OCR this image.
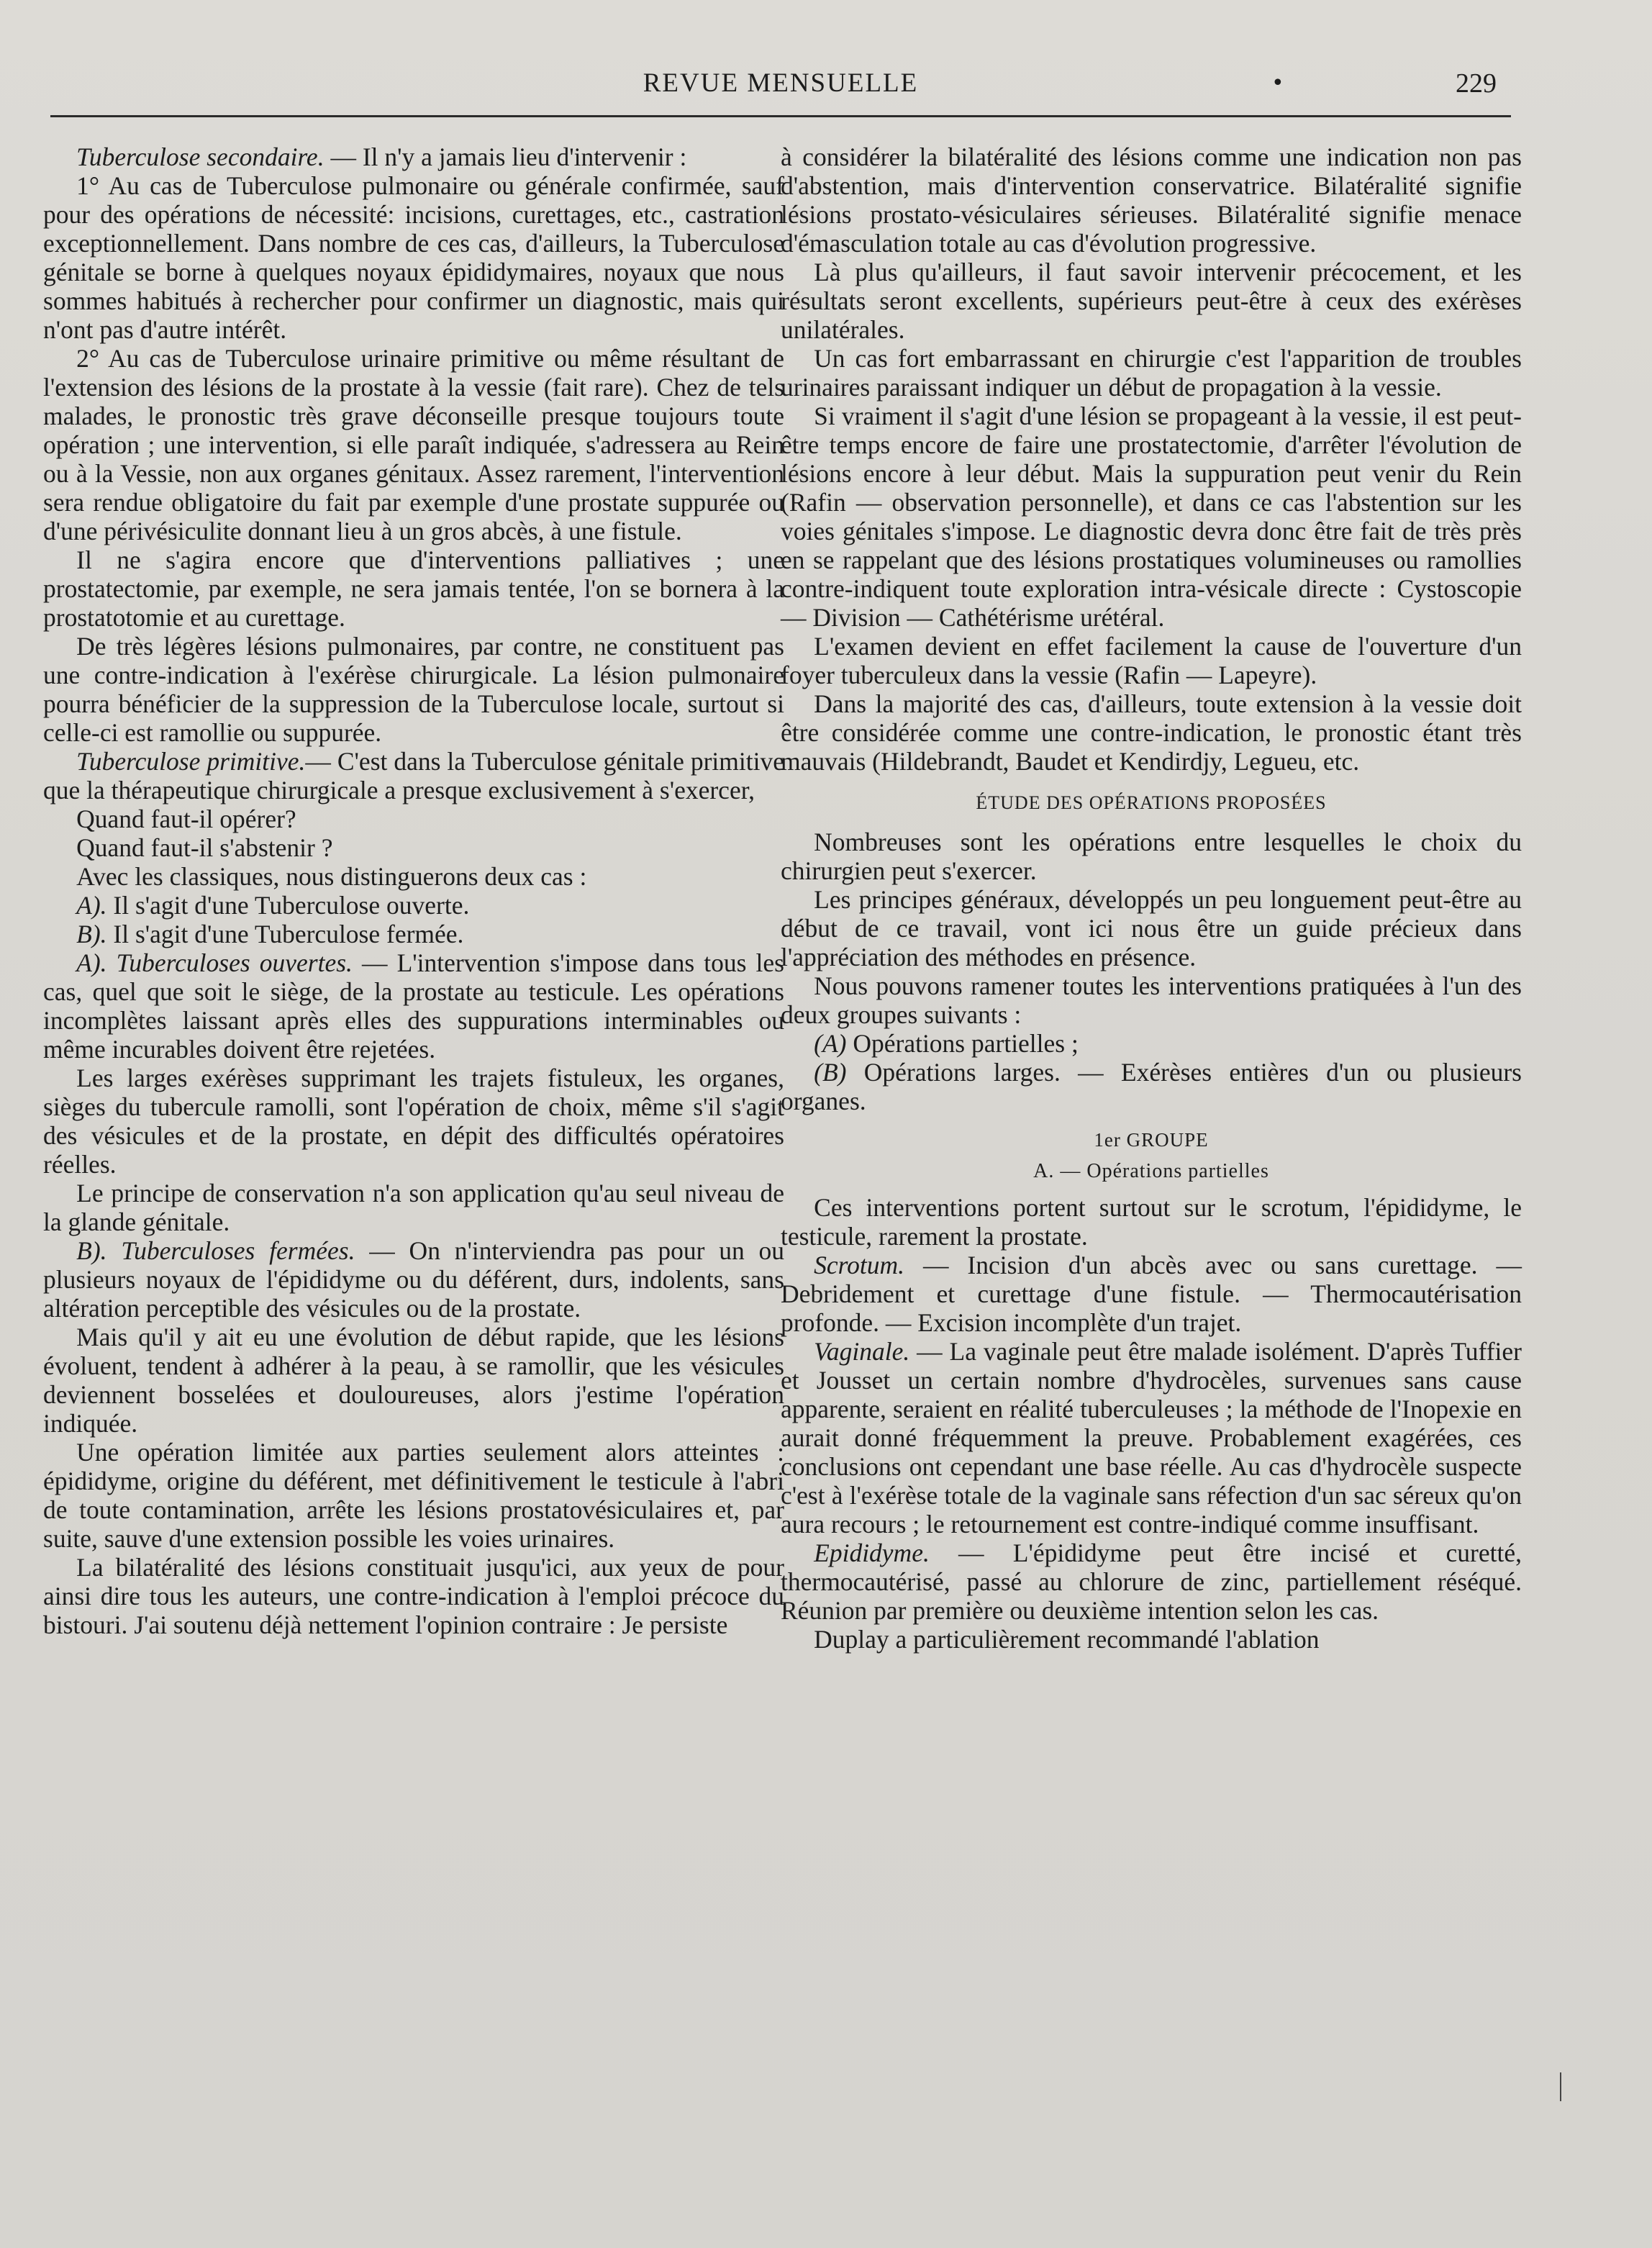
REVUE MENSUELLE	•	229

Tuberculose secondaire. — Il n'y a jamais lieu d'intervenir :

1° Au cas de Tuberculose pulmonaire ou générale confirmée, sauf pour des opérations de nécessité: incisions, curettages, etc., castration exceptionnellement. Dans nombre de ces cas, d'ailleurs, la Tuberculose génitale se borne à quelques noyaux épididymaires, noyaux que nous sommes habitués à rechercher pour confirmer un diagnostic, mais qui n'ont pas d'autre intérêt.

2° Au cas de Tuberculose urinaire primitive ou même résultant de l'extension des lésions de la prostate à la vessie (fait rare). Chez de tels malades, le pronostic très grave déconseille presque toujours toute opération ; une intervention, si elle paraît indiquée, s'adressera au Rein ou à la Vessie, non aux organes génitaux. Assez rarement, l'intervention sera rendue obligatoire du fait par exemple d'une prostate suppurée ou d'une périvésiculite donnant lieu à un gros abcès, à une fistule.

Il ne s'agira encore que d'interventions palliatives ; une prostatectomie, par exemple, ne sera jamais tentée, l'on se bornera à la prostatotomie et au curettage.

De très légères lésions pulmonaires, par contre, ne constituent pas une contre-indication à l'exérèse chirurgicale. La lésion pulmonaire pourra bénéficier de la suppression de la Tuberculose locale, surtout si celle-ci est ramollie ou suppurée.

Tuberculose primitive.— C'est dans la Tuberculose génitale primitive que la thérapeutique chirurgicale a presque exclusivement à s'exercer,

Quand faut-il opérer?

Quand faut-il s'abstenir ?

Avec les classiques, nous distinguerons deux cas :

A). Il s'agit d'une Tuberculose ouverte.

B). Il s'agit d'une Tuberculose fermée.

A). Tuberculoses ouvertes. — L'intervention s'impose dans tous les cas, quel que soit le siège, de la prostate au testicule. Les opérations incomplètes laissant après elles des suppurations interminables ou même incurables doivent être rejetées.

Les larges exérèses supprimant les trajets fistuleux, les organes, sièges du tubercule ramolli, sont l'opération de choix, même s'il s'agit des vésicules et de la prostate, en dépit des difficultés opératoires réelles.

Le principe de conservation n'a son application qu'au seul niveau de la glande génitale.

B). Tuberculoses fermées. — On n'interviendra pas pour un ou plusieurs noyaux de l'épididyme ou du déférent, durs, indolents, sans altération perceptible des vésicules ou de la prostate.

Mais qu'il y ait eu une évolution de début rapide, que les lésions évoluent, tendent à adhérer à la peau, à se ramollir, que les vésicules deviennent bosselées et douloureuses, alors j'estime l'opération indiquée.

Une opération limitée aux parties seulement alors atteintes : épididyme, origine du déférent, met définitivement le testicule à l'abri de toute contamination, arrête les lésions prostatovésiculaires et, par suite, sauve d'une extension possible les voies urinaires.

La bilatéralité des lésions constituait jusqu'ici, aux yeux de pour ainsi dire tous les auteurs, une contre-indication à l'emploi précoce du bistouri. J'ai soutenu déjà nettement l'opinion contraire : Je persiste

à considérer la bilatéralité des lésions comme une indication non pas d'abstention, mais d'intervention conservatrice. Bilatéralité signifie lésions prostato-vésiculaires sérieuses. Bilatéralité signifie menace d'émasculation totale au cas d'évolution progressive.

Là plus qu'ailleurs, il faut savoir intervenir précocement, et les résultats seront excellents, supérieurs peut-être à ceux des exérèses unilatérales.

Un cas fort embarrassant en chirurgie c'est l'apparition de troubles urinaires paraissant indiquer un début de propagation à la vessie.

Si vraiment il s'agit d'une lésion se propageant à la vessie, il est peut-être temps encore de faire une prostatectomie, d'arrêter l'évolution de lésions encore à leur début. Mais la suppuration peut venir du Rein (Rafin — observation personnelle), et dans ce cas l'abstention sur les voies génitales s'impose. Le diagnostic devra donc être fait de très près en se rappelant que des lésions prostatiques volumineuses ou ramollies contre-indiquent toute exploration intra-vésicale directe : Cystoscopie — Division — Cathétérisme urétéral.

L'examen devient en effet facilement la cause de l'ouverture d'un foyer tuberculeux dans la vessie (Rafin — Lapeyre).

Dans la majorité des cas, d'ailleurs, toute extension à la vessie doit être considérée comme une contre-indication, le pronostic étant très mauvais (Hildebrandt, Baudet et Kendirdjy, Legueu, etc.

ÉTUDE DES OPÉRATIONS PROPOSÉES

Nombreuses sont les opérations entre lesquelles le choix du chirurgien peut s'exercer.

Les principes généraux, développés un peu longuement peut-être au début de ce travail, vont ici nous être un guide précieux dans l'appréciation des méthodes en présence.

Nous pouvons ramener toutes les interventions pratiquées à l'un des deux groupes suivants :

(A) Opérations partielles ;

(B) Opérations larges. — Exérèses entières d'un ou plusieurs organes.

1er GROUPE

A. — Opérations partielles

Ces interventions portent surtout sur le scrotum, l'épididyme, le testicule, rarement la prostate.

Scrotum. — Incision d'un abcès avec ou sans curettage. — Debridement et curettage d'une fistule. — Thermocautérisation profonde. — Excision incomplète d'un trajet.

Vaginale. — La vaginale peut être malade isolément. D'après Tuffier et Jousset un certain nombre d'hydrocèles, survenues sans cause apparente, seraient en réalité tuberculeuses ; la méthode de l'Inopexie en aurait donné fréquemment la preuve. Probablement exagérées, ces conclusions ont cependant une base réelle. Au cas d'hydrocèle suspecte c'est à l'exérèse totale de la vaginale sans réfection d'un sac séreux qu'on aura recours ; le retournement est contre-indiqué comme insuffisant.

Epididyme. — L'épididyme peut être incisé et curetté, thermocautérisé, passé au chlorure de zinc, partiellement réséqué. Réunion par première ou deuxième intention selon les cas.

Duplay a particulièrement recommandé l'ablation
